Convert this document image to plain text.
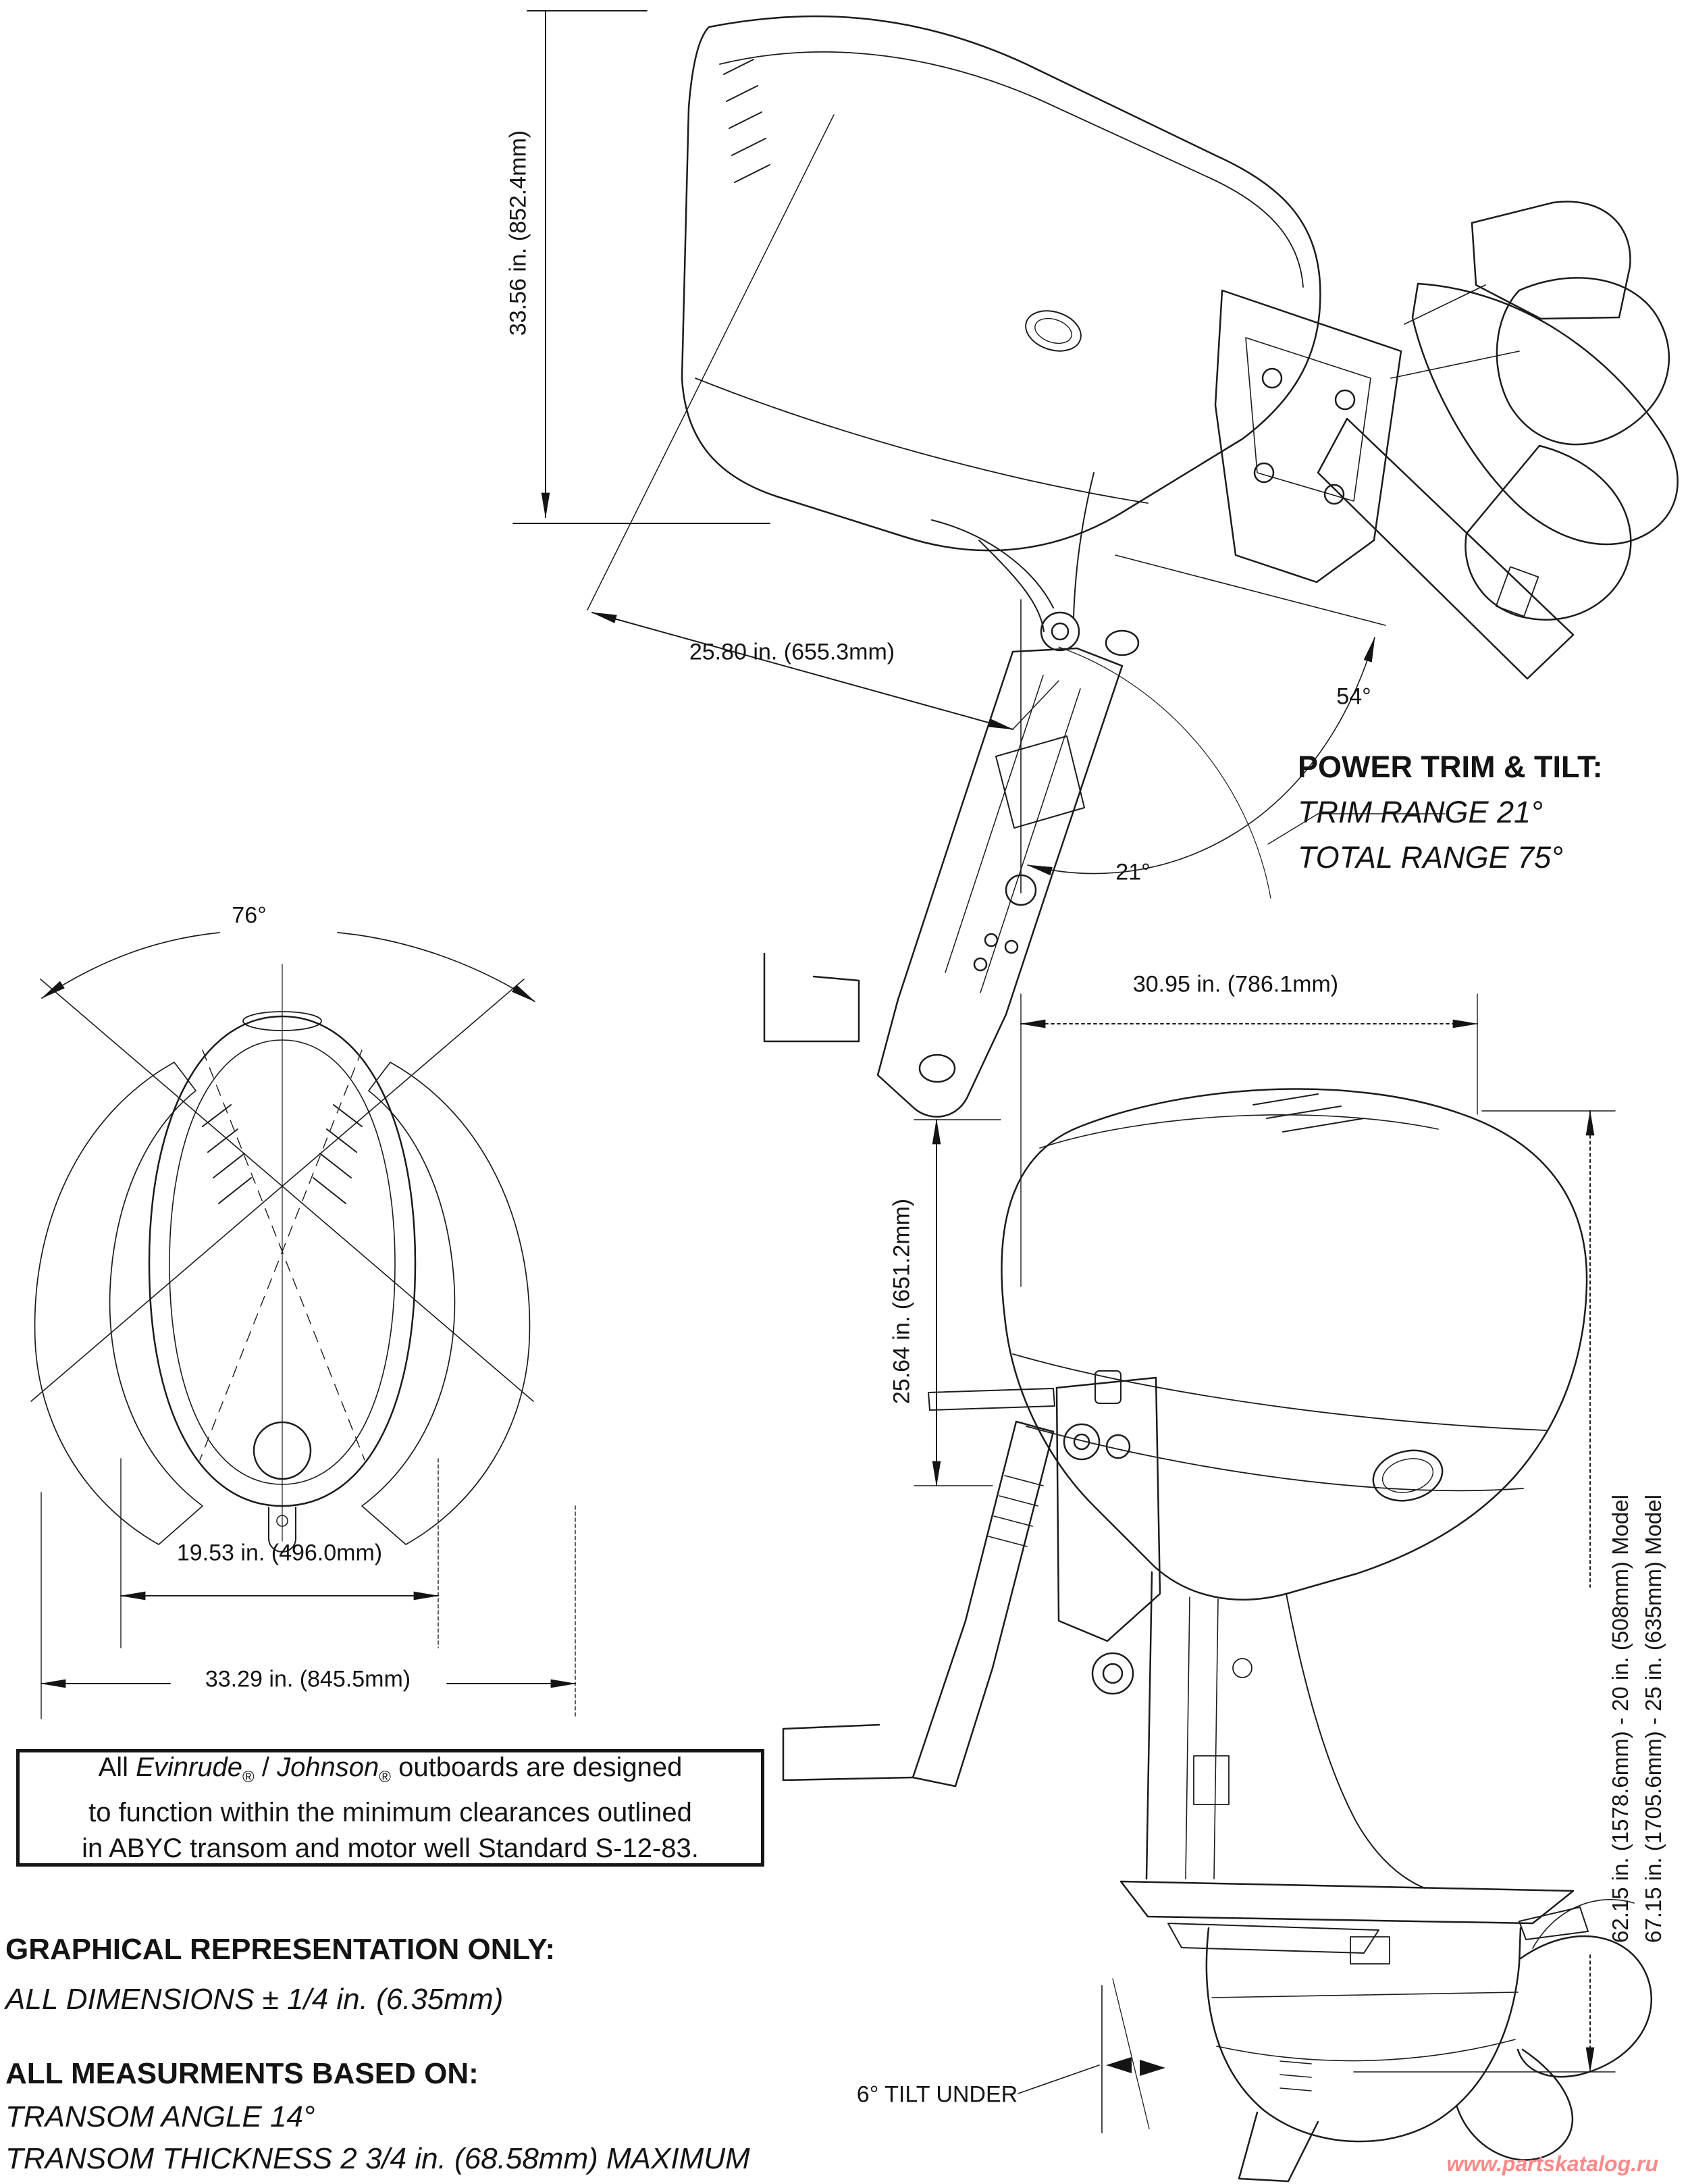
33.56 in. (852.4mm)
25.80 in. (655.3mm)
54°
21°
POWER TRIM & TILT:
TRIM RANGE 21°
TOTAL RANGE 75°
76°
19.53 in. (496.0mm)
33.29 in. (845.5mm)
30.95 in. (786.1mm)
25.64 in. (651.2mm)
62.15 in. (1578.6mm) - 20 in. (508mm) Model 67.15 in. (1705.6mm) - 25 in. (635mm) Model
6° TILT UNDER
All Evinrude$_®$ / Johnson$_®$ outboards are designed
to function within the minimum clearances outlined
in ABYC transom and motor well Standard S-12-83.
GRAPHICAL REPRESENTATION ONLY:
ALL DIMENSIONS ± 1/4 in. (6.35mm)
ALL MEASURMENTS BASED ON:
TRANSOM ANGLE 14°
TRANSOM THICKNESS 2 3/4 in. (68.58mm) MAXIMUM	www.partskatalog.ru
